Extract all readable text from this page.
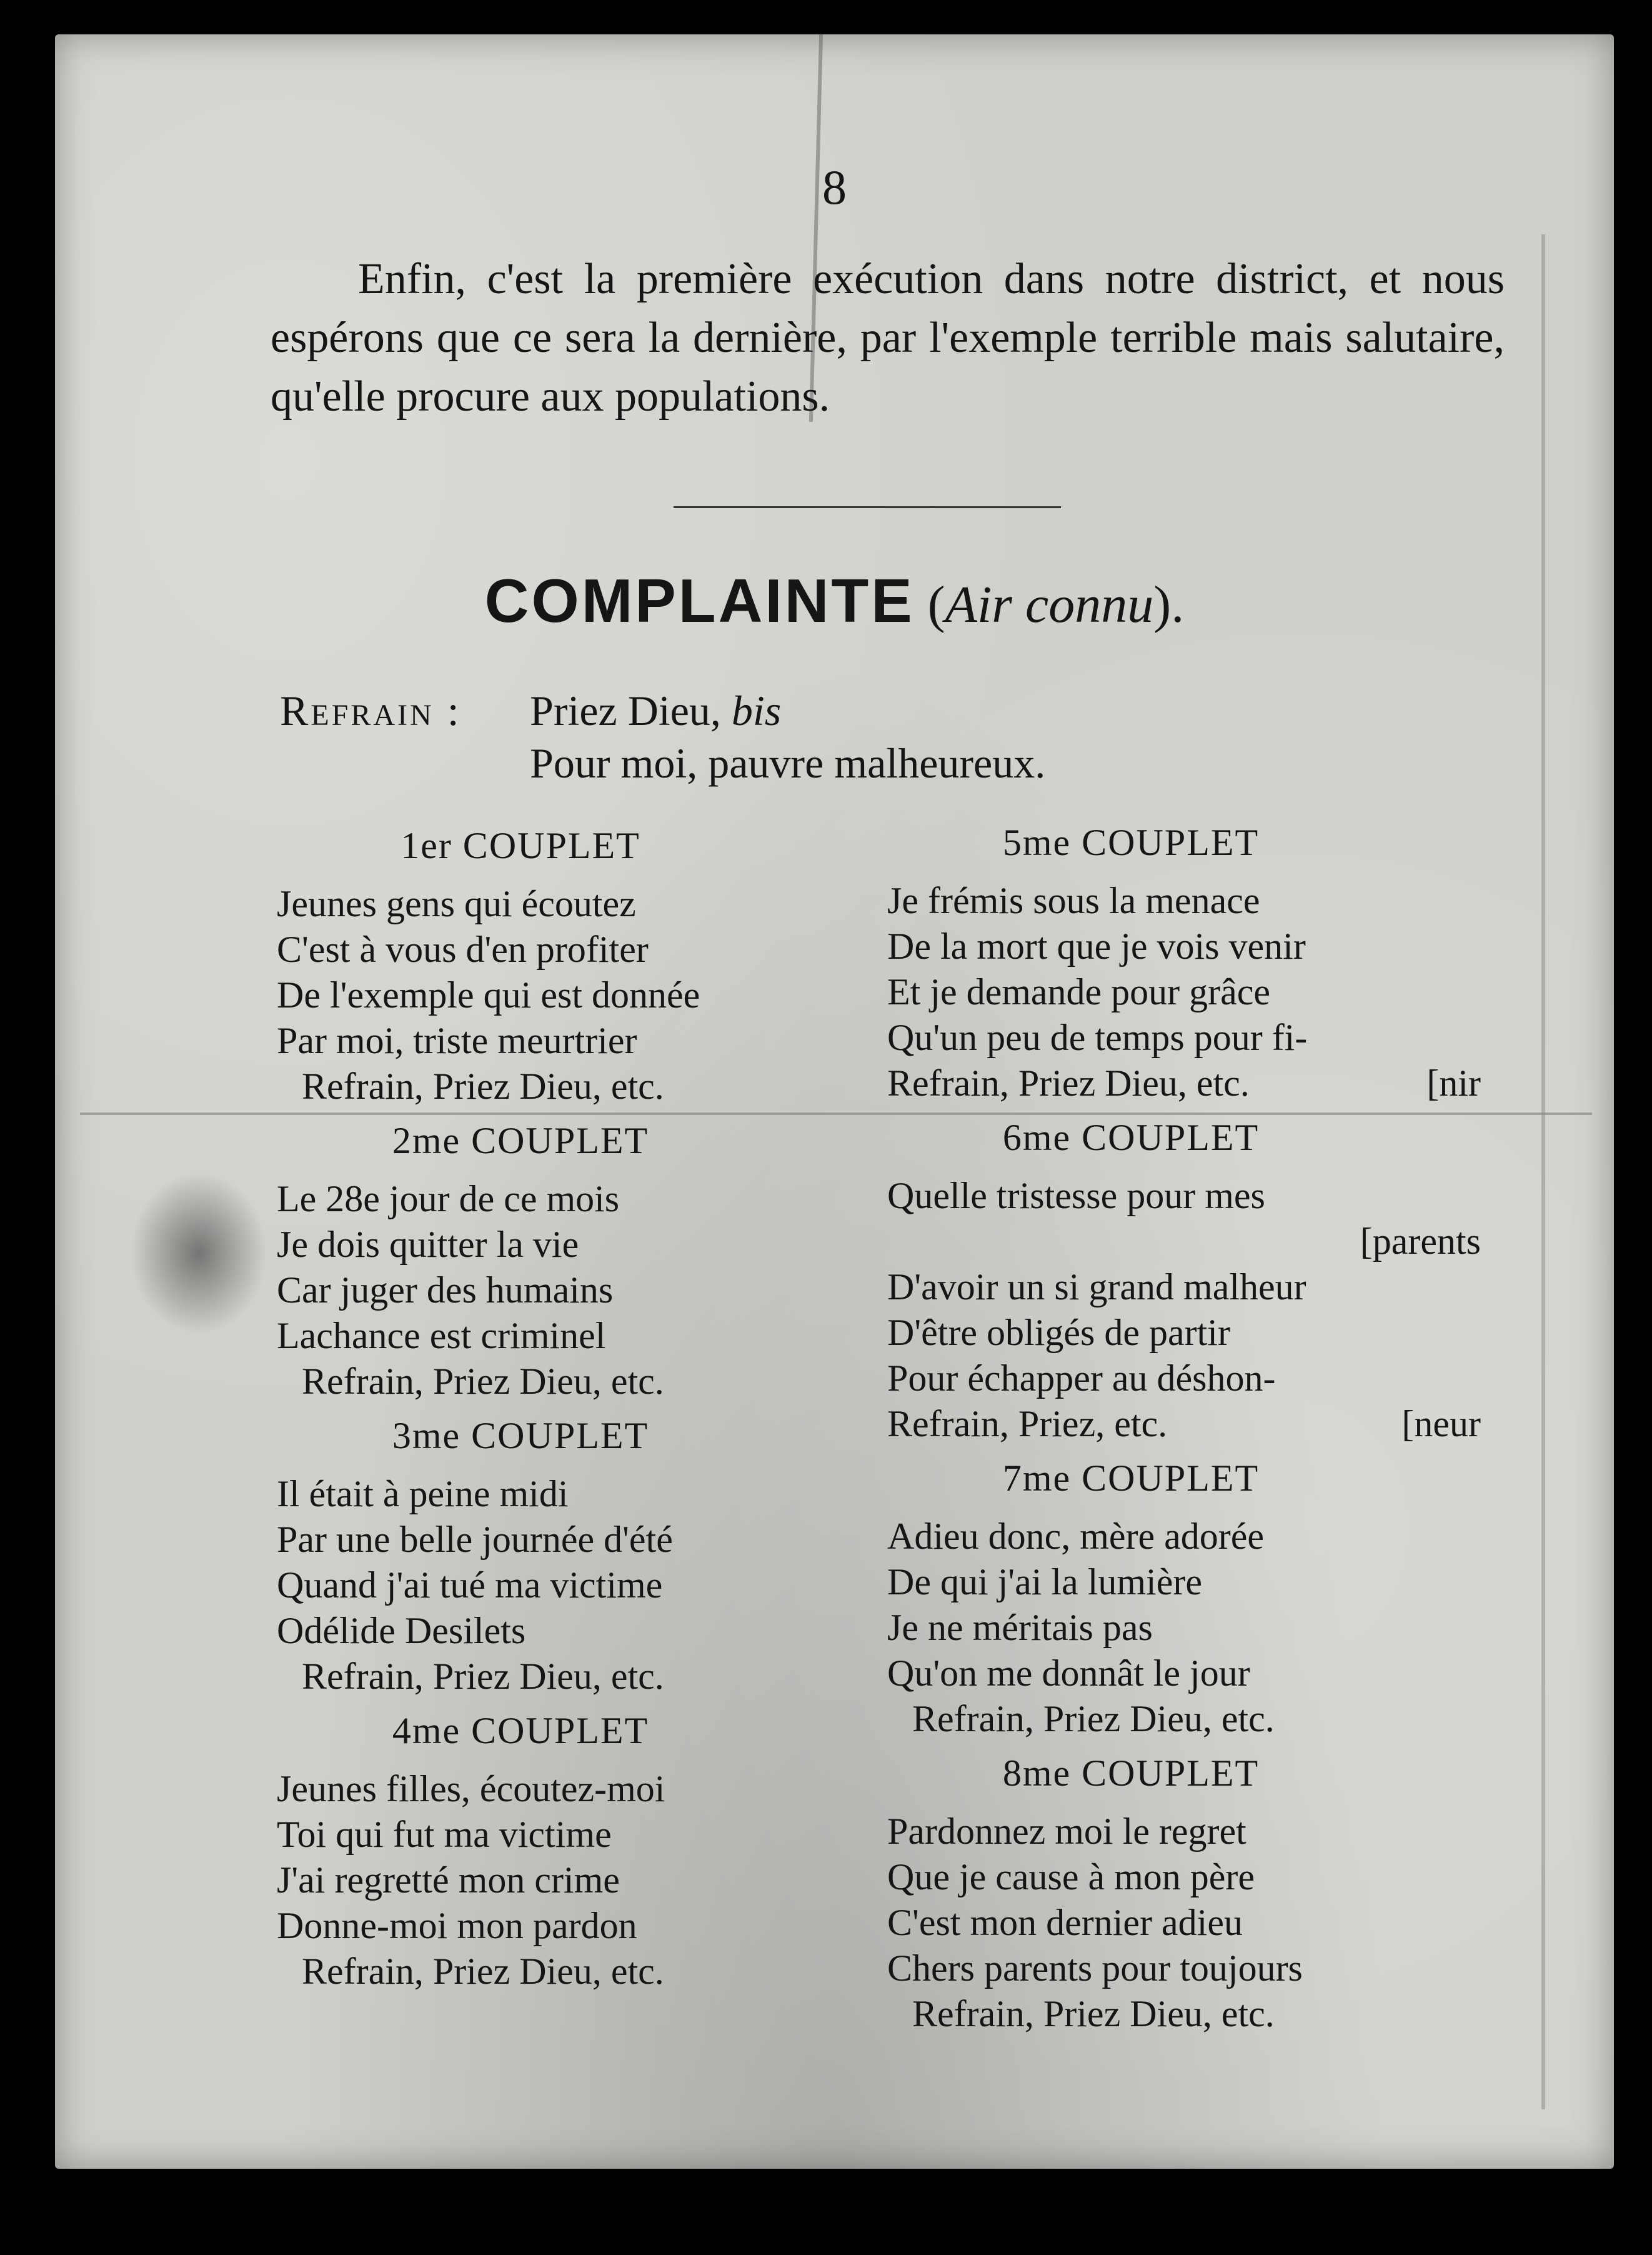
8

Enfin, c'est la première exécution dans notre district, et nous espérons que ce sera la dernière, par l'exemple terrible mais salutaire, qu'elle procure aux populations.

COMPLAINTE (Air connu).
Refrain : Priez Dieu, bis
Pour moi, pauvre malheureux.
1er COUPLET
Jeunes gens qui écoutez
C'est à vous d'en profiter
De l'exemple qui est donnée
Par moi, triste meurtrier
Refrain, Priez Dieu, etc.
2me COUPLET
Le 28e jour de ce mois
Je dois quitter la vie
Car juger des humains
Lachance est criminel
Refrain, Priez Dieu, etc.
3me COUPLET
Il était à peine midi
Par une belle journée d'été
Quand j'ai tué ma victime
Odélide Desilets
Refrain, Priez Dieu, etc.
4me COUPLET
Jeunes filles, écoutez-moi
Toi qui fut ma victime
J'ai regretté mon crime
Donne-moi mon pardon
Refrain, Priez Dieu, etc.
5me COUPLET
Je frémis sous la menace
De la mort que je vois venir
Et je demande pour grâce
Qu'un peu de temps pour fi-
Refrain, Priez Dieu, etc.	[nir
6me COUPLET
Quelle tristesse pour mes
[parents
D'avoir un si grand malheur
D'être obligés de partir
Pour échapper au déshon-
Refrain, Priez, etc.	[neur
7me COUPLET
Adieu donc, mère adorée
De qui j'ai la lumière
Je ne méritais pas
Qu'on me donnât le jour
Refrain, Priez Dieu, etc.
8me COUPLET
Pardonnez moi le regret
Que je cause à mon père
C'est mon dernier adieu
Chers parents pour toujours
Refrain, Priez Dieu, etc.
